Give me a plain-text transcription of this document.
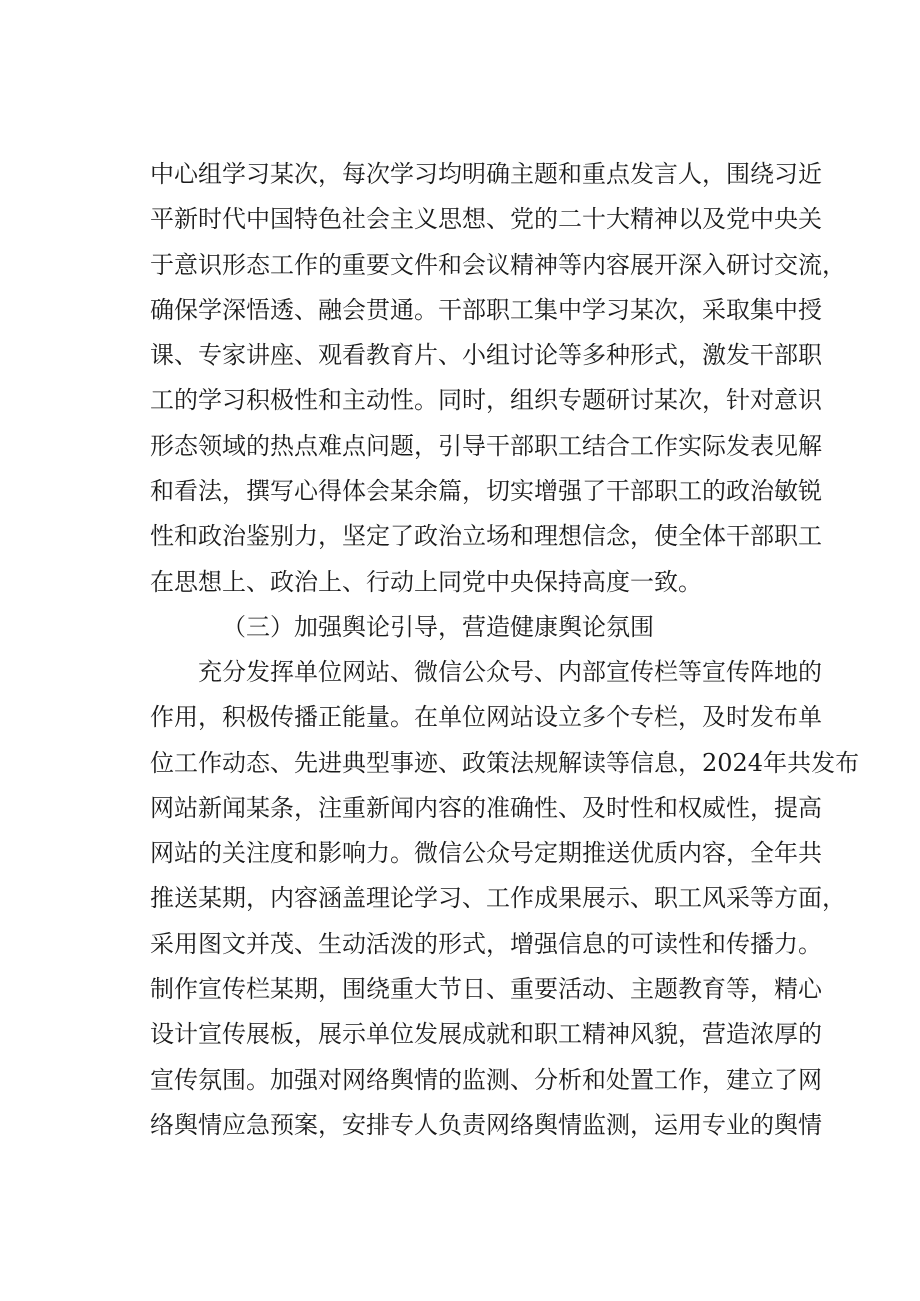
中心组学习某次，每次学习均明确主题和重点发言人，围绕习近
平新时代中国特色社会主义思想、党的二十大精神以及党中央关
于意识形态工作的重要文件和会议精神等内容展开深入研讨交流，
确保学深悟透、融会贯通。干部职工集中学习某次，采取集中授
课、专家讲座、观看教育片、小组讨论等多种形式，激发干部职
工的学习积极性和主动性。同时，组织专题研讨某次，针对意识
形态领域的热点难点问题，引导干部职工结合工作实际发表见解
和看法，撰写心得体会某余篇，切实增强了干部职工的政治敏锐
性和政治鉴别力，坚定了政治立场和理想信念，使全体干部职工
在思想上、政治上、行动上同党中央保持高度一致。
（三）加强舆论引导，营造健康舆论氛围
充分发挥单位网站、微信公众号、内部宣传栏等宣传阵地的
作用，积极传播正能量。在单位网站设立多个专栏，及时发布单
位工作动态、先进典型事迹、政策法规解读等信息，2024年共发布
网站新闻某条，注重新闻内容的准确性、及时性和权威性，提高
网站的关注度和影响力。微信公众号定期推送优质内容，全年共
推送某期，内容涵盖理论学习、工作成果展示、职工风采等方面，
采用图文并茂、生动活泼的形式，增强信息的可读性和传播力。
制作宣传栏某期，围绕重大节日、重要活动、主题教育等，精心
设计宣传展板，展示单位发展成就和职工精神风貌，营造浓厚的
宣传氛围。加强对网络舆情的监测、分析和处置工作，建立了网
络舆情应急预案，安排专人负责网络舆情监测，运用专业的舆情
